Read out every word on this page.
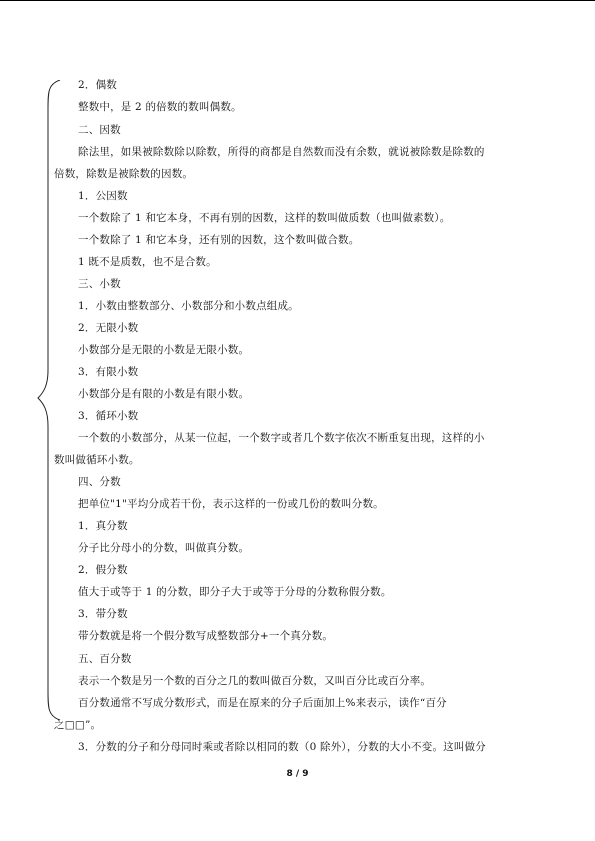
2．偶数
整数中，是 2 的倍数的数叫偶数。
二、因数
除法里，如果被除数除以除数，所得的商都是自然数而没有余数，就说被除数是除数的
倍数，除数是被除数的因数。
1．公因数
一个数除了 1 和它本身，不再有别的因数，这样的数叫做质数（也叫做素数）。
一个数除了 1 和它本身，还有别的因数，这个数叫做合数。
1 既不是质数，也不是合数。
三、小数
1．小数由整数部分、小数部分和小数点组成。
2．无限小数
小数部分是无限的小数是无限小数。
3．有限小数
小数部分是有限的小数是有限小数。
3．循环小数
一个数的小数部分，从某一位起，一个数字或者几个数字依次不断重复出现，这样的小
数叫做循环小数。
四、分数
把单位"1"平均分成若干份，表示这样的一份或几份的数叫分数。
1．真分数
分子比分母小的分数，叫做真分数。
2．假分数
值大于或等于 1 的分数，即分子大于或等于分母的分数称假分数。
3．带分数
带分数就是将一个假分数写成整数部分+一个真分数。
五、百分数
表示一个数是另一个数的百分之几的数叫做百分数，又叫百分比或百分率。
百分数通常不写成分数形式，而是在原来的分子后面加上%来表示，读作“百分
之□□”。
3．分数的分子和分母同时乘或者除以相同的数（0 除外），分数的大小不变。这叫做分
8 / 9
